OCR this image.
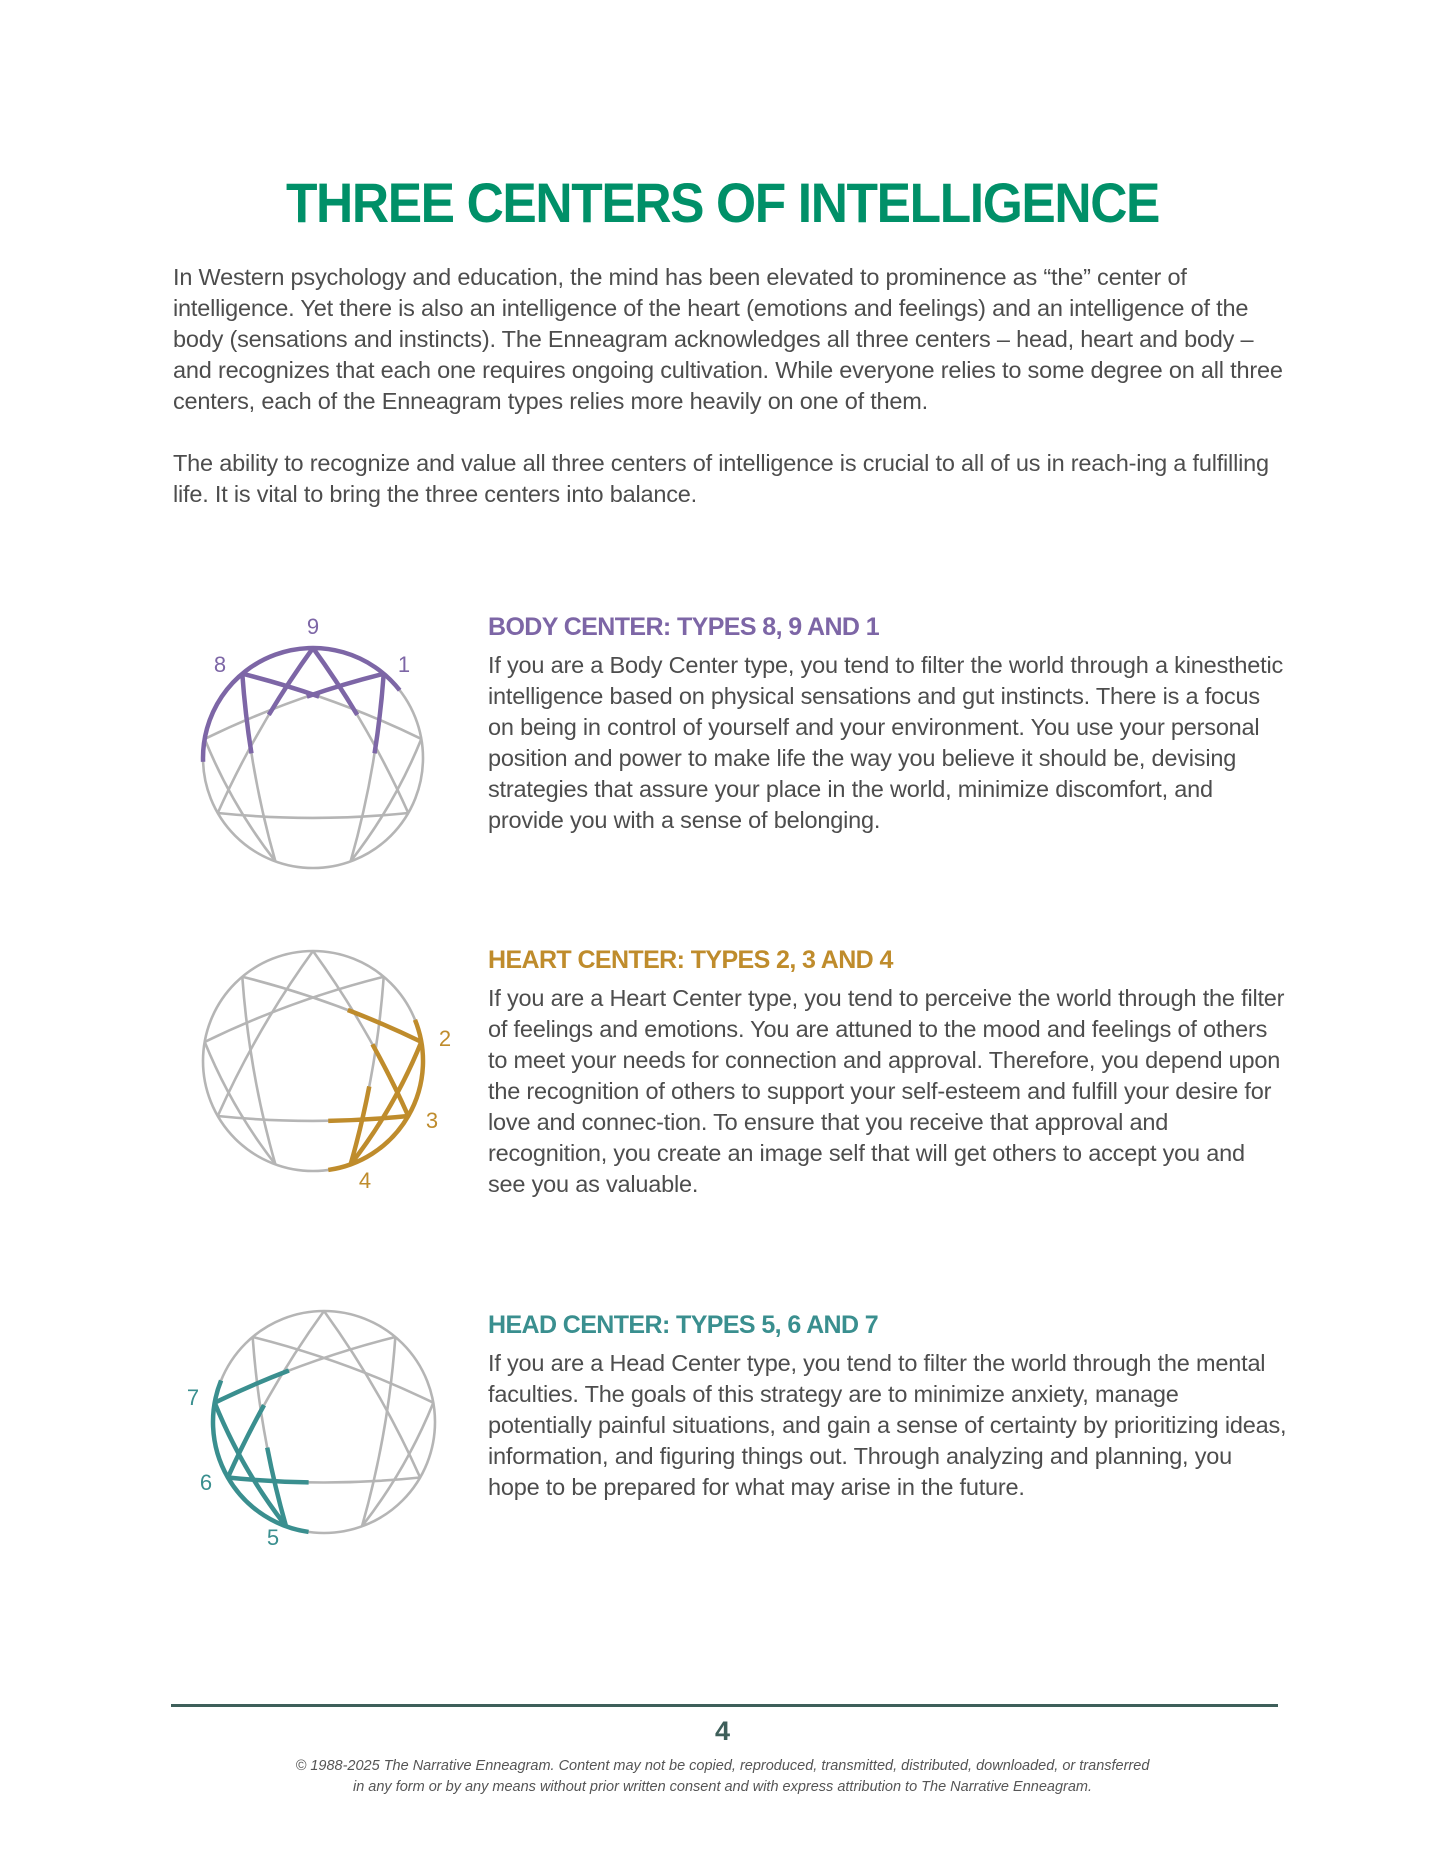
THREE CENTERS OF INTELLIGENCE

In Western psychology and education, the mind has been elevated to prominence as “the” center of intelligence. Yet there is also an intelligence of the heart (emotions and feelings) and an intelligence of the body (sensations and instincts). The Enneagram acknowledges all three centers – head, heart and body – and recognizes that each one requires ongoing cultivation. While everyone relies to some degree on all three centers, each of the Enneagram types relies more heavily on one of them.

The ability to recognize and value all three centers of intelligence is crucial to all of us in reach-ing a fulfilling life. It is vital to bring the three centers into balance.

8
9
1
BODY CENTER: TYPES 8, 9 AND 1

If you are a Body Center type, you tend to filter the world through a kinesthetic intelligence based on physical sensations and gut instincts. There is a focus on being in control of yourself and your environment. You use your personal position and power to make life the way you believe it should be, devising strategies that assure your place in the world, minimize discomfort, and provide you with a sense of belonging.

2
3
4
HEART CENTER: TYPES 2, 3 AND 4

If you are a Heart Center type, you tend to perceive the world through the filter of feelings and emotions. You are attuned to the mood and feelings of others to meet your needs for connection and approval. Therefore, you depend upon the recognition of others to support your self-esteem and fulfill your desire for love and connec-tion. To ensure that you receive that approval and recognition, you create an image self that will get others to accept you and see you as valuable.

5
6
7
HEAD CENTER: TYPES 5, 6 AND 7

If you are a Head Center type, you tend to filter the world through the mental faculties. The goals of this strategy are to minimize anxiety, manage potentially painful situations, and gain a sense of certainty by prioritizing ideas, information, and figuring things out. Through analyzing and planning, you hope to be prepared for what may arise in the future.

4
© 1988-2025 The Narrative Enneagram. Content may not be copied, reproduced, transmitted, distributed, downloaded, or transferred
in any form or by any means without prior written consent and with express attribution to The Narrative Enneagram.
